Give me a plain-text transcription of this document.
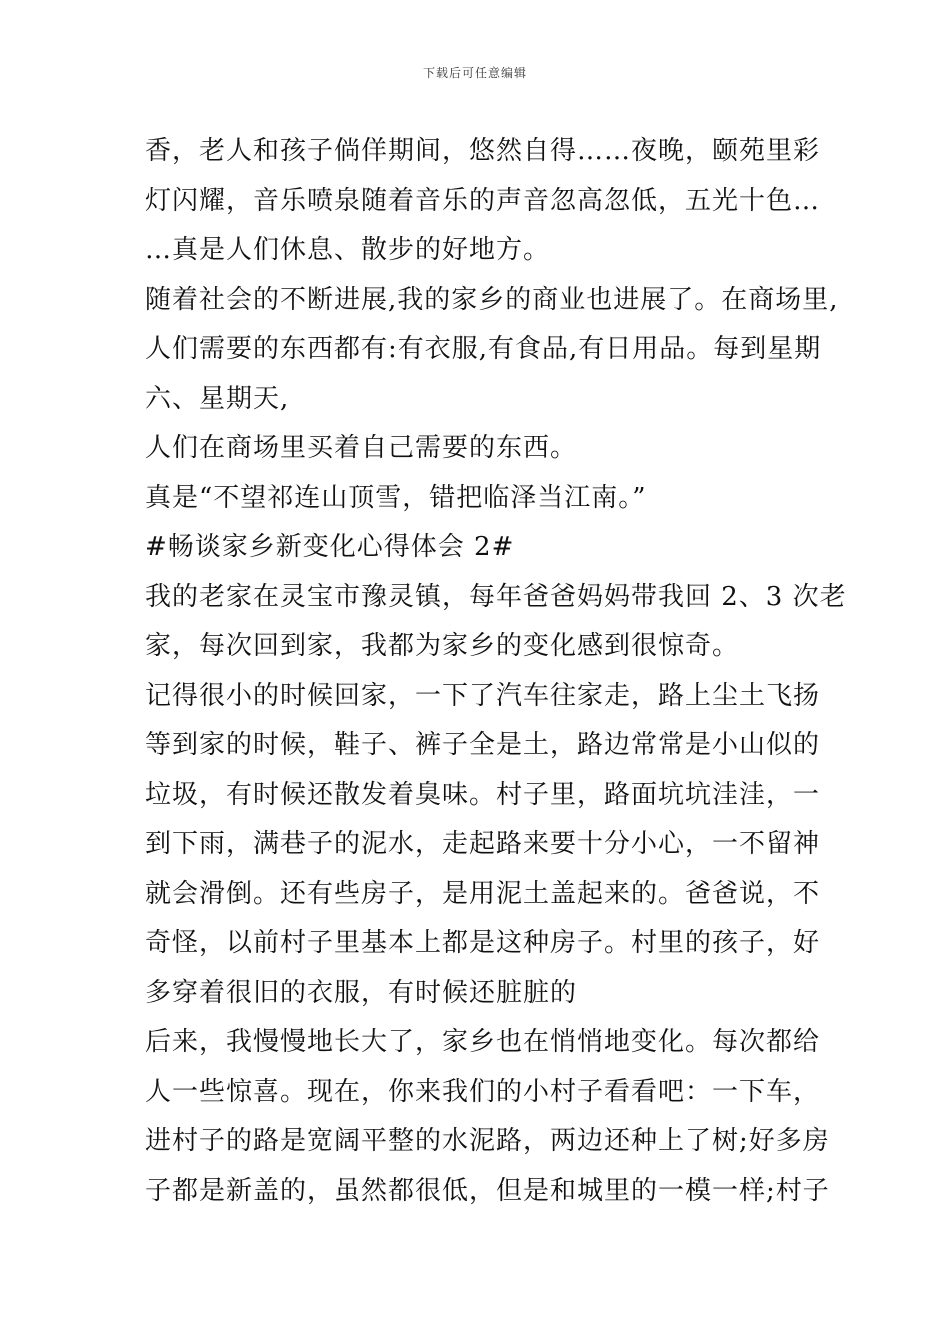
下载后可任意编辑
香，老人和孩子倘佯期间，悠然自得……夜晚，颐苑里彩
灯闪耀，音乐喷泉随着音乐的声音忽高忽低，五光十色…
…真是人们休息、散步的好地方。
随着社会的不断进展,我的家乡的商业也进展了。在商场里,
人们需要的东西都有:有衣服,有食品,有日用品。每到星期
六、星期天,
人们在商场里买着自己需要的东西。
真是“不望祁连山顶雪，错把临泽当江南。”
#畅谈家乡新变化心得体会 2#
我的老家在灵宝市豫灵镇，每年爸爸妈妈带我回 2、3 次老
家，每次回到家，我都为家乡的变化感到很惊奇。
记得很小的时候回家，一下了汽车往家走，路上尘土飞扬
等到家的时候，鞋子、裤子全是土，路边常常是小山似的
垃圾，有时候还散发着臭味。村子里，路面坑坑洼洼，一
到下雨，满巷子的泥水，走起路来要十分小心，一不留神
就会滑倒。还有些房子，是用泥土盖起来的。爸爸说，不
奇怪，以前村子里基本上都是这种房子。村里的孩子，好
多穿着很旧的衣服，有时候还脏脏的
后来，我慢慢地长大了，家乡也在悄悄地变化。每次都给
人一些惊喜。现在，你来我们的小村子看看吧：一下车，
进村子的路是宽阔平整的水泥路，两边还种上了树;好多房
子都是新盖的，虽然都很低，但是和城里的一模一样;村子
